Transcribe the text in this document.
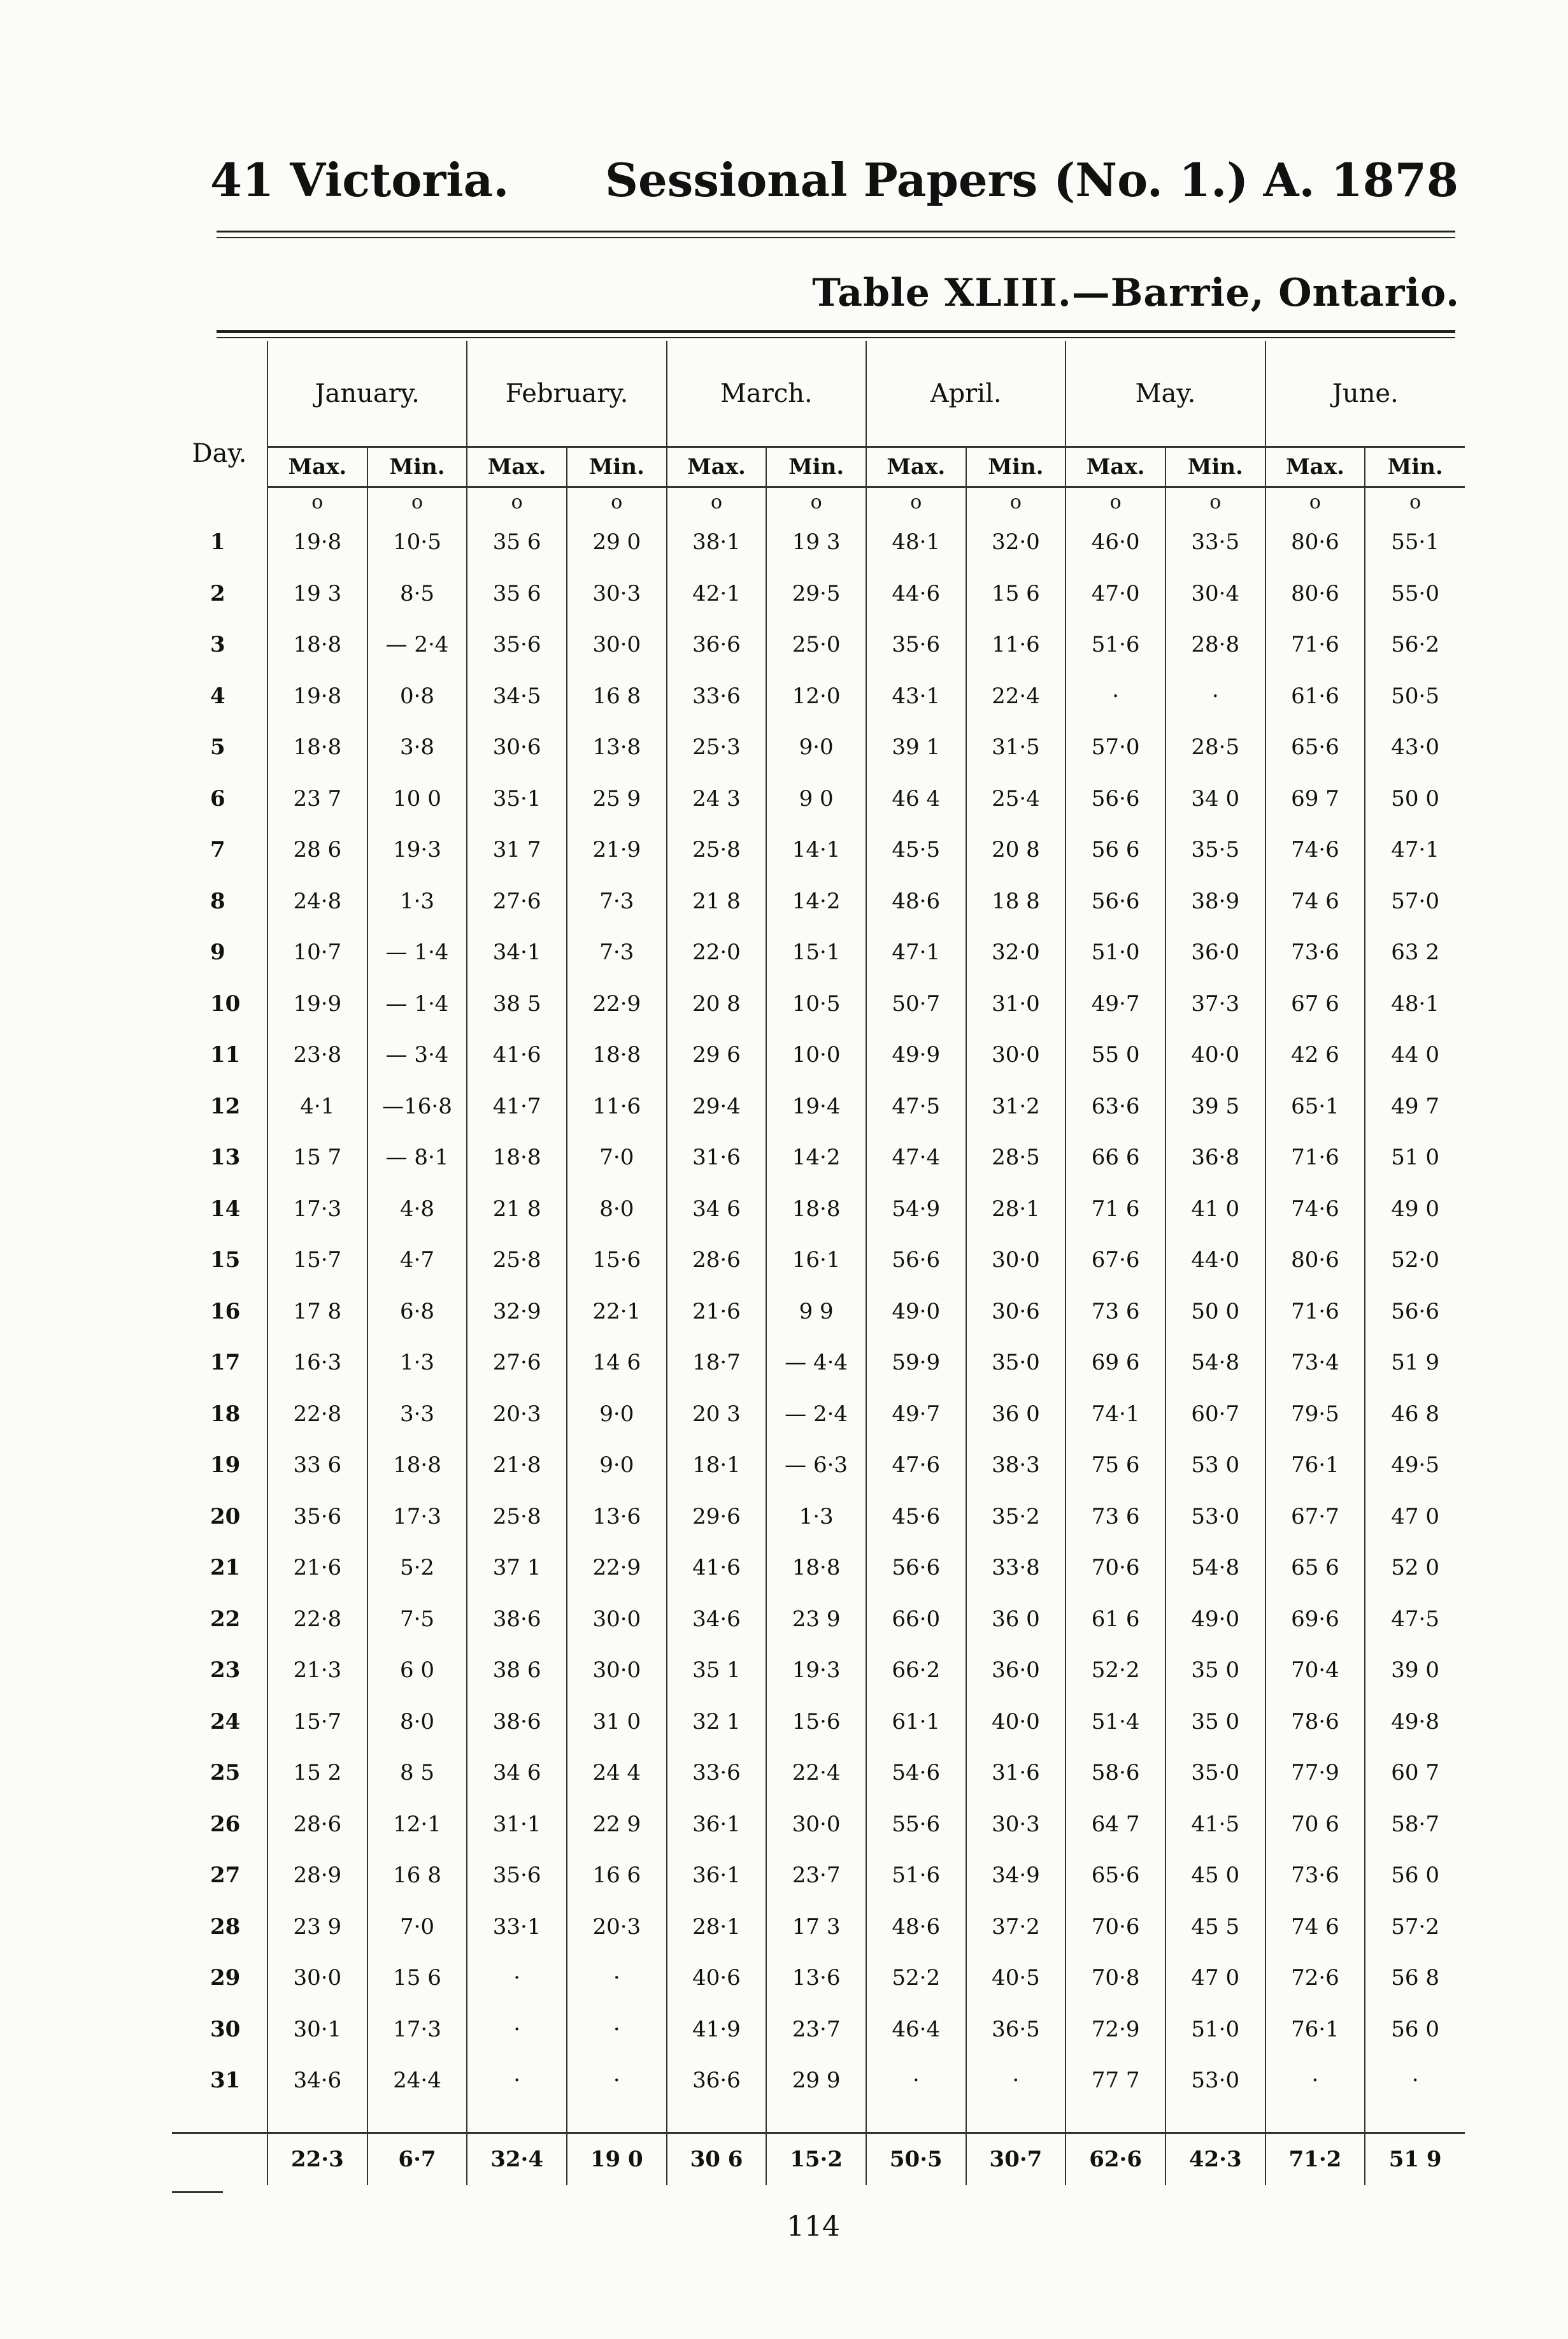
41 Victoria. Sessional Papers (No. 1.) A. 1878
Table XLIII.—Barrie, Ontario.
Day.	January.		February.		March.		April.		May.		June.	
	Max.	Min.	Max.	Min.	Max.	Min.	Max.	Min.	Max.	Min.	Max.	Min.
	o	o	o	o	o	o	o	o	o	o	o	o
1	19·8	10·5	35 6	29 0	38·1	19 3	48·1	32·0	46·0	33·5	80·6	55·1
2	19 3	8·5	35 6	30·3	42·1	29·5	44·6	15 6	47·0	30·4	80·6	55·0
3	18·8	— 2·4	35·6	30·0	36·6	25·0	35·6	11·6	51·6	28·8	71·6	56·2
4	19·8	0·8	34·5	16 8	33·6	12·0	43·1	22·4	·	·	61·6	50·5
5	18·8	3·8	30·6	13·8	25·3	9·0	39 1	31·5	57·0	28·5	65·6	43·0
6	23 7	10 0	35·1	25 9	24 3	9 0	46 4	25·4	56·6	34 0	69 7	50 0
7	28 6	19·3	31 7	21·9	25·8	14·1	45·5	20 8	56 6	35·5	74·6	47·1
8	24·8	1·3	27·6	7·3	21 8	14·2	48·6	18 8	56·6	38·9	74 6	57·0
9	10·7	— 1·4	34·1	7·3	22·0	15·1	47·1	32·0	51·0	36·0	73·6	63 2
10	19·9	— 1·4	38 5	22·9	20 8	10·5	50·7	31·0	49·7	37·3	67 6	48·1
11	23·8	— 3·4	41·6	18·8	29 6	10·0	49·9	30·0	55 0	40·0	42 6	44 0
12	4·1	—16·8	41·7	11·6	29·4	19·4	47·5	31·2	63·6	39 5	65·1	49 7
13	15 7	— 8·1	18·8	7·0	31·6	14·2	47·4	28·5	66 6	36·8	71·6	51 0
14	17·3	4·8	21 8	8·0	34 6	18·8	54·9	28·1	71 6	41 0	74·6	49 0
15	15·7	4·7	25·8	15·6	28·6	16·1	56·6	30·0	67·6	44·0	80·6	52·0
16	17 8	6·8	32·9	22·1	21·6	9 9	49·0	30·6	73 6	50 0	71·6	56·6
17	16·3	1·3	27·6	14 6	18·7	— 4·4	59·9	35·0	69 6	54·8	73·4	51 9
18	22·8	3·3	20·3	9·0	20 3	— 2·4	49·7	36 0	74·1	60·7	79·5	46 8
19	33 6	18·8	21·8	9·0	18·1	— 6·3	47·6	38·3	75 6	53 0	76·1	49·5
20	35·6	17·3	25·8	13·6	29·6	1·3	45·6	35·2	73 6	53·0	67·7	47 0
21	21·6	5·2	37 1	22·9	41·6	18·8	56·6	33·8	70·6	54·8	65 6	52 0
22	22·8	7·5	38·6	30·0	34·6	23 9	66·0	36 0	61 6	49·0	69·6	47·5
23	21·3	6 0	38 6	30·0	35 1	19·3	66·2	36·0	52·2	35 0	70·4	39 0
24	15·7	8·0	38·6	31 0	32 1	15·6	61·1	40·0	51·4	35 0	78·6	49·8
25	15 2	8 5	34 6	24 4	33·6	22·4	54·6	31·6	58·6	35·0	77·9	60 7
26	28·6	12·1	31·1	22 9	36·1	30·0	55·6	30·3	64 7	41·5	70 6	58·7
27	28·9	16 8	35·6	16 6	36·1	23·7	51·6	34·9	65·6	45 0	73·6	56 0
28	23 9	7·0	33·1	20·3	28·1	17 3	48·6	37·2	70·6	45 5	74 6	57·2
29	30·0	15 6	·	·	40·6	13·6	52·2	40·5	70·8	47 0	72·6	56 8
30	30·1	17·3	·	·	41·9	23·7	46·4	36·5	72·9	51·0	76·1	56 0
31	34·6	24·4	·	·	36·6	29 9	·	·	77 7	53·0	·	·

	22·3	6·7	32·4	19 0	30 6	15·2	50·5	30·7	62·6	42·3	71·2	51 9
114
